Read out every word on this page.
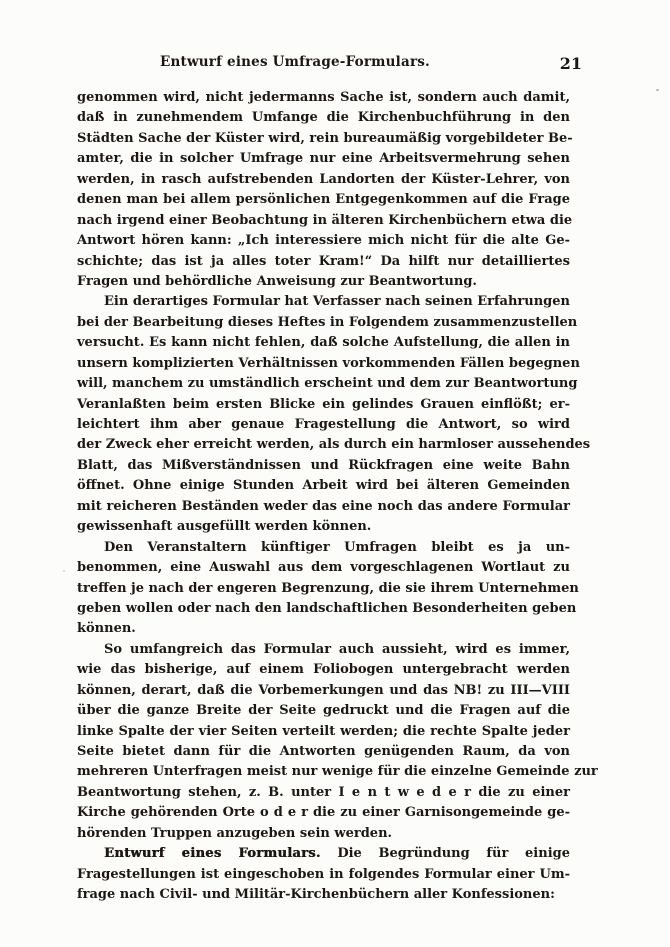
Entwurf eines Umfrage-Formulars.	21
genommen wird, nicht jedermanns Sache ist, sondern auch damit,
daß in zunehmendem Umfange die Kirchenbuchführung in den
Städten Sache der Küster wird, rein bureaumäßig vorgebildeter Be-
amter, die in solcher Umfrage nur eine Arbeitsvermehrung sehen
werden, in rasch aufstrebenden Landorten der Küster-Lehrer, von
denen man bei allem persönlichen Entgegenkommen auf die Frage
nach irgend einer Beobachtung in älteren Kirchenbüchern etwa die
Antwort hören kann: „Ich interessiere mich nicht für die alte Ge-
schichte; das ist ja alles toter Kram!“ Da hilft nur detailliertes
Fragen und behördliche Anweisung zur Beantwortung.
Ein derartiges Formular hat Verfasser nach seinen Erfahrungen
bei der Bearbeitung dieses Heftes in Folgendem zusammenzustellen
versucht. Es kann nicht fehlen, daß solche Aufstellung, die allen in
unsern komplizierten Verhältnissen vorkommenden Fällen begegnen
will, manchem zu umständlich erscheint und dem zur Beantwortung
Veranlaßten beim ersten Blicke ein gelindes Grauen einflößt; er-
leichtert ihm aber genaue Fragestellung die Antwort, so wird
der Zweck eher erreicht werden, als durch ein harmloser aussehendes
Blatt, das Mißverständnissen und Rückfragen eine weite Bahn
öffnet. Ohne einige Stunden Arbeit wird bei älteren Gemeinden
mit reicheren Beständen weder das eine noch das andere Formular
gewissenhaft ausgefüllt werden können.
Den Veranstaltern künftiger Umfragen bleibt es ja un-
benommen, eine Auswahl aus dem vorgeschlagenen Wortlaut zu
treffen je nach der engeren Begrenzung, die sie ihrem Unternehmen
geben wollen oder nach den landschaftlichen Besonderheiten geben
können.
So umfangreich das Formular auch aussieht, wird es immer,
wie das bisherige, auf einem Foliobogen untergebracht werden
können, derart, daß die Vorbemerkungen und das NB! zu III—VIII
über die ganze Breite der Seite gedruckt und die Fragen auf die
linke Spalte der vier Seiten verteilt werden; die rechte Spalte jeder
Seite bietet dann für die Antworten genügenden Raum, da von
mehreren Unterfragen meist nur wenige für die einzelne Gemeinde zur
Beantwortung stehen, z. B. unter I e n t w e d e r die zu einer
Kirche gehörenden Orte o d e r die zu einer Garnisongemeinde ge-
hörenden Truppen anzugeben sein werden.
Entwurf eines Formulars. Die Begründung für einige
Fragestellungen ist eingeschoben in folgendes Formular einer Um-
frage nach Civil- und Militär-Kirchenbüchern aller Konfessionen:
